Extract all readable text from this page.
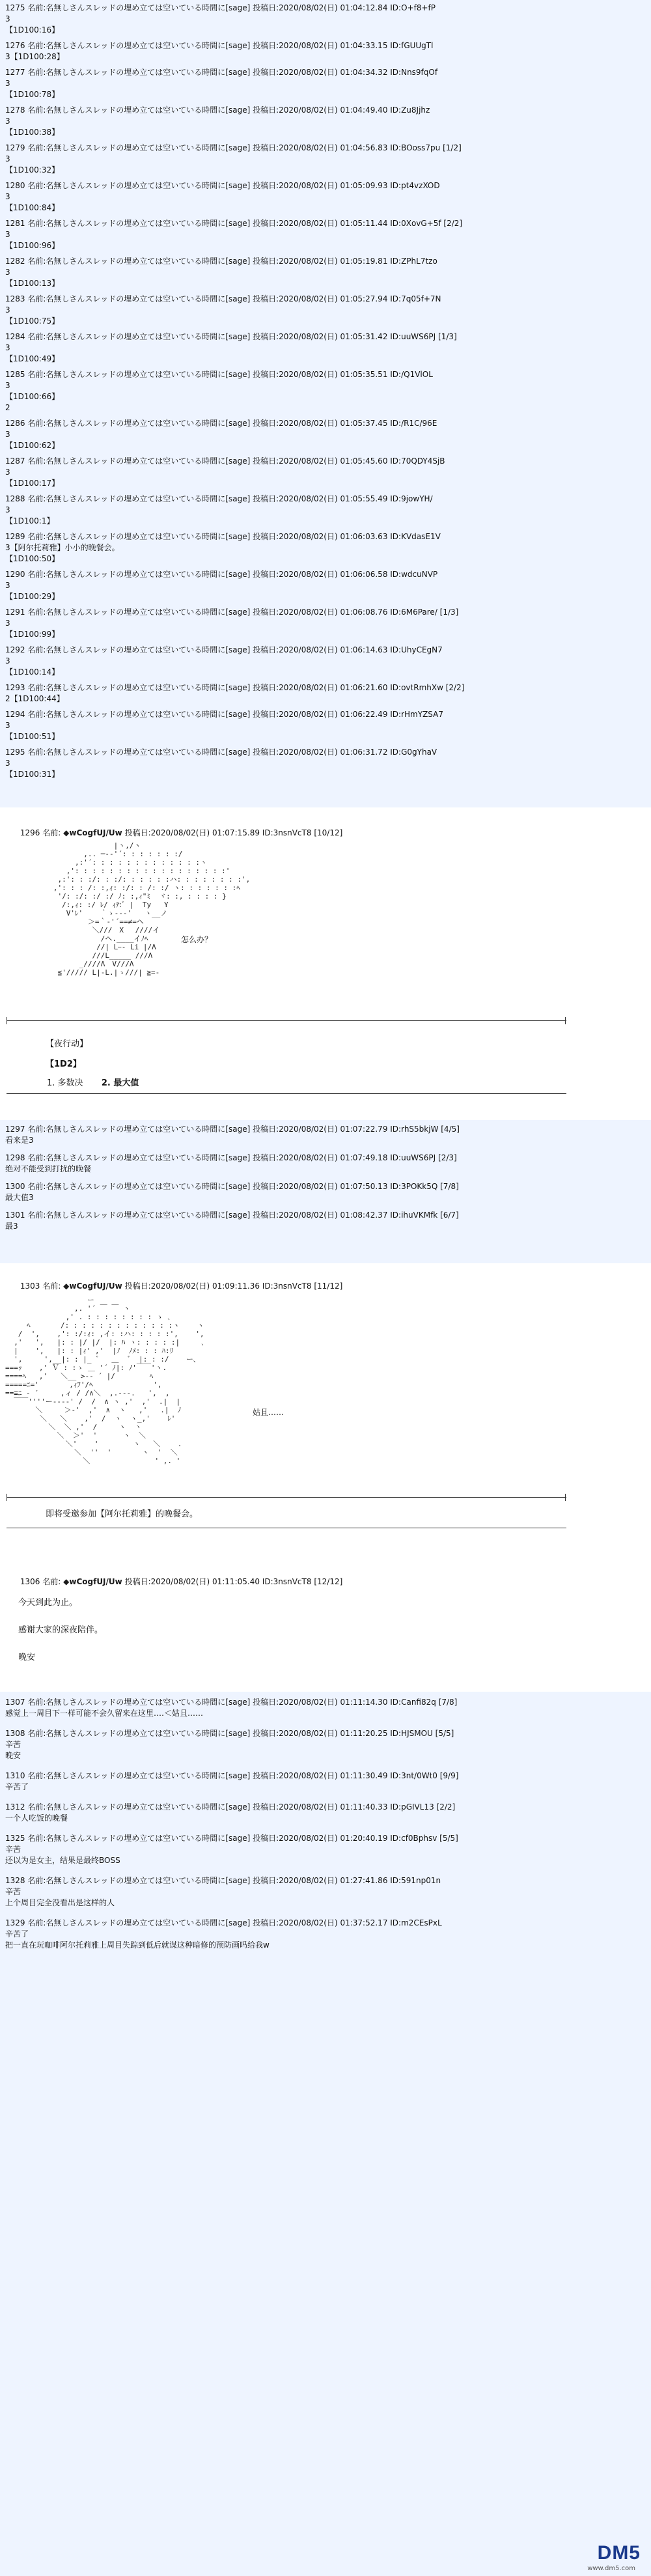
1275 名前:名無しさんスレッドの埋め立ては空いている時間に[sage] 投稿日:2020/08/02(日) 01:04:12.84 ID:O+f8+fP
3
【1D100:16】
1276 名前:名無しさんスレッドの埋め立ては空いている時間に[sage] 投稿日:2020/08/02(日) 01:04:33.15 ID:fGUUgTl
3【1D100:28】
1277 名前:名無しさんスレッドの埋め立ては空いている時間に[sage] 投稿日:2020/08/02(日) 01:04:34.32 ID:Nns9fqOf
3
【1D100:78】
1278 名前:名無しさんスレッドの埋め立ては空いている時間に[sage] 投稿日:2020/08/02(日) 01:04:49.40 ID:Zu8Jjhz
3
【1D100:38】
1279 名前:名無しさんスレッドの埋め立ては空いている時間に[sage] 投稿日:2020/08/02(日) 01:04:56.83 ID:BOoss7pu [1/2]
3
【1D100:32】
1280 名前:名無しさんスレッドの埋め立ては空いている時間に[sage] 投稿日:2020/08/02(日) 01:05:09.93 ID:pt4vzXOD
3
【1D100:84】
1281 名前:名無しさんスレッドの埋め立ては空いている時間に[sage] 投稿日:2020/08/02(日) 01:05:11.44 ID:0XovG+5f [2/2]
3
【1D100:96】
1282 名前:名無しさんスレッドの埋め立ては空いている時間に[sage] 投稿日:2020/08/02(日) 01:05:19.81 ID:ZPhL7tzo
3
【1D100:13】
1283 名前:名無しさんスレッドの埋め立ては空いている時間に[sage] 投稿日:2020/08/02(日) 01:05:27.94 ID:7q05f+7N
3
【1D100:75】
1284 名前:名無しさんスレッドの埋め立ては空いている時間に[sage] 投稿日:2020/08/02(日) 01:05:31.42 ID:uuWS6PJ [1/3]
3
【1D100:49】
1285 名前:名無しさんスレッドの埋め立ては空いている時間に[sage] 投稿日:2020/08/02(日) 01:05:35.51 ID:/Q1VlOL
3
【1D100:66】
2
1286 名前:名無しさんスレッドの埋め立ては空いている時間に[sage] 投稿日:2020/08/02(日) 01:05:37.45 ID:/R1C/96E
3
【1D100:62】
1287 名前:名無しさんスレッドの埋め立ては空いている時間に[sage] 投稿日:2020/08/02(日) 01:05:45.60 ID:70QDY4SjB
3
【1D100:17】
1288 名前:名無しさんスレッドの埋め立ては空いている時間に[sage] 投稿日:2020/08/02(日) 01:05:55.49 ID:9jowYH/
3
【1D100:1】
1289 名前:名無しさんスレッドの埋め立ては空いている時間に[sage] 投稿日:2020/08/02(日) 01:06:03.63 ID:KVdasE1V
3【阿尔托莉雅】小小的晚餐会。
【1D100:50】
1290 名前:名無しさんスレッドの埋め立ては空いている時間に[sage] 投稿日:2020/08/02(日) 01:06:06.58 ID:wdcuNVP
3
【1D100:29】
1291 名前:名無しさんスレッドの埋め立ては空いている時間に[sage] 投稿日:2020/08/02(日) 01:06:08.76 ID:6M6Pare/ [1/3]
3
【1D100:99】
1292 名前:名無しさんスレッドの埋め立ては空いている時間に[sage] 投稿日:2020/08/02(日) 01:06:14.63 ID:UhyCEgN7
3
【1D100:14】
1293 名前:名無しさんスレッドの埋め立ては空いている時間に[sage] 投稿日:2020/08/02(日) 01:06:21.60 ID:ovtRmhXw [2/2]
2【1D100:44】
1294 名前:名無しさんスレッドの埋め立ては空いている時間に[sage] 投稿日:2020/08/02(日) 01:06:22.49 ID:rHmYZSA7
3
【1D100:51】
1295 名前:名無しさんスレッドの埋め立ては空いている時間に[sage] 投稿日:2020/08/02(日) 01:06:31.72 ID:G0gYhaV
3
【1D100:31】

1296 名前: ◆wCogfUJ/Uw 投稿日:2020/08/02(日) 01:07:15.89 ID:3nsnVcT8 [10/12]

|ヽ,/ヽ
,.. ─-‐'´: : : : : : :/
,:'´: : : : : : : : : : : : :ヽ
,': : : : : : : : : : : : : : : : : :'
,:': : :/: : :/: : : : : :ハ: : : : : : : :',
,': : : /: :,ｨ: :/: : /: :/ ヽ: : : : : : :ﾍ
'/: :/: :/ :/ ﾉ: :,ｨ"ﾐ  ヾ: :, : : : : }
/:,ｨ: :/ ﾚ/ ｨﾃ:ﾞ |  Ty   Y
V'ﾚ'    ｀ゝ--‐'   ヽ__ノ
＞=｀‐'´==≠=ヘ
＼///　X 　////イ
/ヘ.____イﾉﾍ
//| Lｰ‐ Li |/Λ
///L_____ ///Λ
_////Λ　V///Λ
≦'///// L|-L.|ゝ///| ≧=‐
怎么办？
【夜行动】
【1D2】
1. 多数决 2. 最大值
1297 名前:名無しさんスレッドの埋め立ては空いている時間に[sage] 投稿日:2020/08/02(日) 01:07:22.79 ID:rhS5bkjW [4/5]
看来是3
1298 名前:名無しさんスレッドの埋め立ては空いている時間に[sage] 投稿日:2020/08/02(日) 01:07:49.18 ID:uuWS6PJ [2/3]
绝对不能受到打扰的晚餐
1300 名前:名無しさんスレッドの埋め立ては空いている時間に[sage] 投稿日:2020/08/02(日) 01:07:50.13 ID:3POKk5Q [7/8]
最大值3
1301 名前:名無しさんスレッドの埋め立ては空いている時間に[sage] 投稿日:2020/08/02(日) 01:08:42.37 ID:ihuVKMfk [6/7]
最3

1303 名前: ◆wCogfUJ/Uw 投稿日:2020/08/02(日) 01:09:11.36 ID:3nsnVcT8 [11/12]

ー
,. '´ ￣ ￣ ヽ
,' . : : : : : : : : ゝ ､
ﾍ       /: : : : : : : : : : : : :ヽ    ヽ
/  ',    ,': :/:ｨ: ,イ: :ハ: : : : :',    ',
,'   ',   |: : |/ |/  |: ﾊ ヽ: : : : :|     ､
|    ',   |: : |ｨ' ,'  |ﾉ  ﾉﾒ: : : ﾊ:ﾘ
',     ',__|: : |_ ゛  ＿  ゛ |: : :/    ー、
===ｯ    ,' Ｖ : :ゝ ＿ '´ ﾉ|: ﾉ'￣￣'ヽ.
====ﾍ   ,'   ＼__ >‐‐ ´ |/        ﾍ
=====ﾆ='       ,ｨﾌ'/ﾍ              ',
==≡ﾆ ‐ ′     ,ィ / /∧＼  ,.-‐-.   ',  ,
￣￣''''ー---‐' /  /  ∧ ヽ ,'  ,'  .|  |
＼     ＞‐'  ,'  ∧  ヽ   ,'   .|  ﾉ
＼   ＼    ,'  /  ヽ  ヽ_,'    ﾚ'
＼  ＼ ,'  /     ヽ  ヽ
＼  ＞'  '      ヽ  ＼
＼'    '        ヽ   ＼    .
＼  ''  '       ヽ  '  ＼
＼               ' ,. '
姑且……
即将受邀参加【阿尔托莉雅】的晚餐会。

1306 名前: ◆wCogfUJ/Uw 投稿日:2020/08/02(日) 01:11:05.40 ID:3nsnVcT8 [12/12]

今天到此为止。
感谢大家的深夜陪伴。
晚安
1307 名前:名無しさんスレッドの埋め立ては空いている時間に[sage] 投稿日:2020/08/02(日) 01:11:14.30 ID:Canfi82q [7/8]
感觉上一周目下一样可能不会久留来在这里‥‥＜姑且……
1308 名前:名無しさんスレッドの埋め立ては空いている時間に[sage] 投稿日:2020/08/02(日) 01:11:20.25 ID:HJSMOU [5/5]
辛苦
晚安
1310 名前:名無しさんスレッドの埋め立ては空いている時間に[sage] 投稿日:2020/08/02(日) 01:11:30.49 ID:3nt/0Wt0 [9/9]
辛苦了
1312 名前:名無しさんスレッドの埋め立ては空いている時間に[sage] 投稿日:2020/08/02(日) 01:11:40.33 ID:pGIVL13 [2/2]
一个人吃饭的晚餐
1325 名前:名無しさんスレッドの埋め立ては空いている時間に[sage] 投稿日:2020/08/02(日) 01:20:40.19 ID:cf0Bphsv [5/5]
辛苦
还以为是女主，结果是最终BOSS
1328 名前:名無しさんスレッドの埋め立ては空いている時間に[sage] 投稿日:2020/08/02(日) 01:27:41.86 ID:591np01n
辛苦
上个周目完全没看出是这样的人
1329 名前:名無しさんスレッドの埋め立ては空いている時間に[sage] 投稿日:2020/08/02(日) 01:37:52.17 ID:m2CEsPxL
辛苦了
把一直在玩咖啡阿尔托莉雅上周目失踪到低后就谋这种暗修的预防画吗给我w
DM5
www.dm5.com
